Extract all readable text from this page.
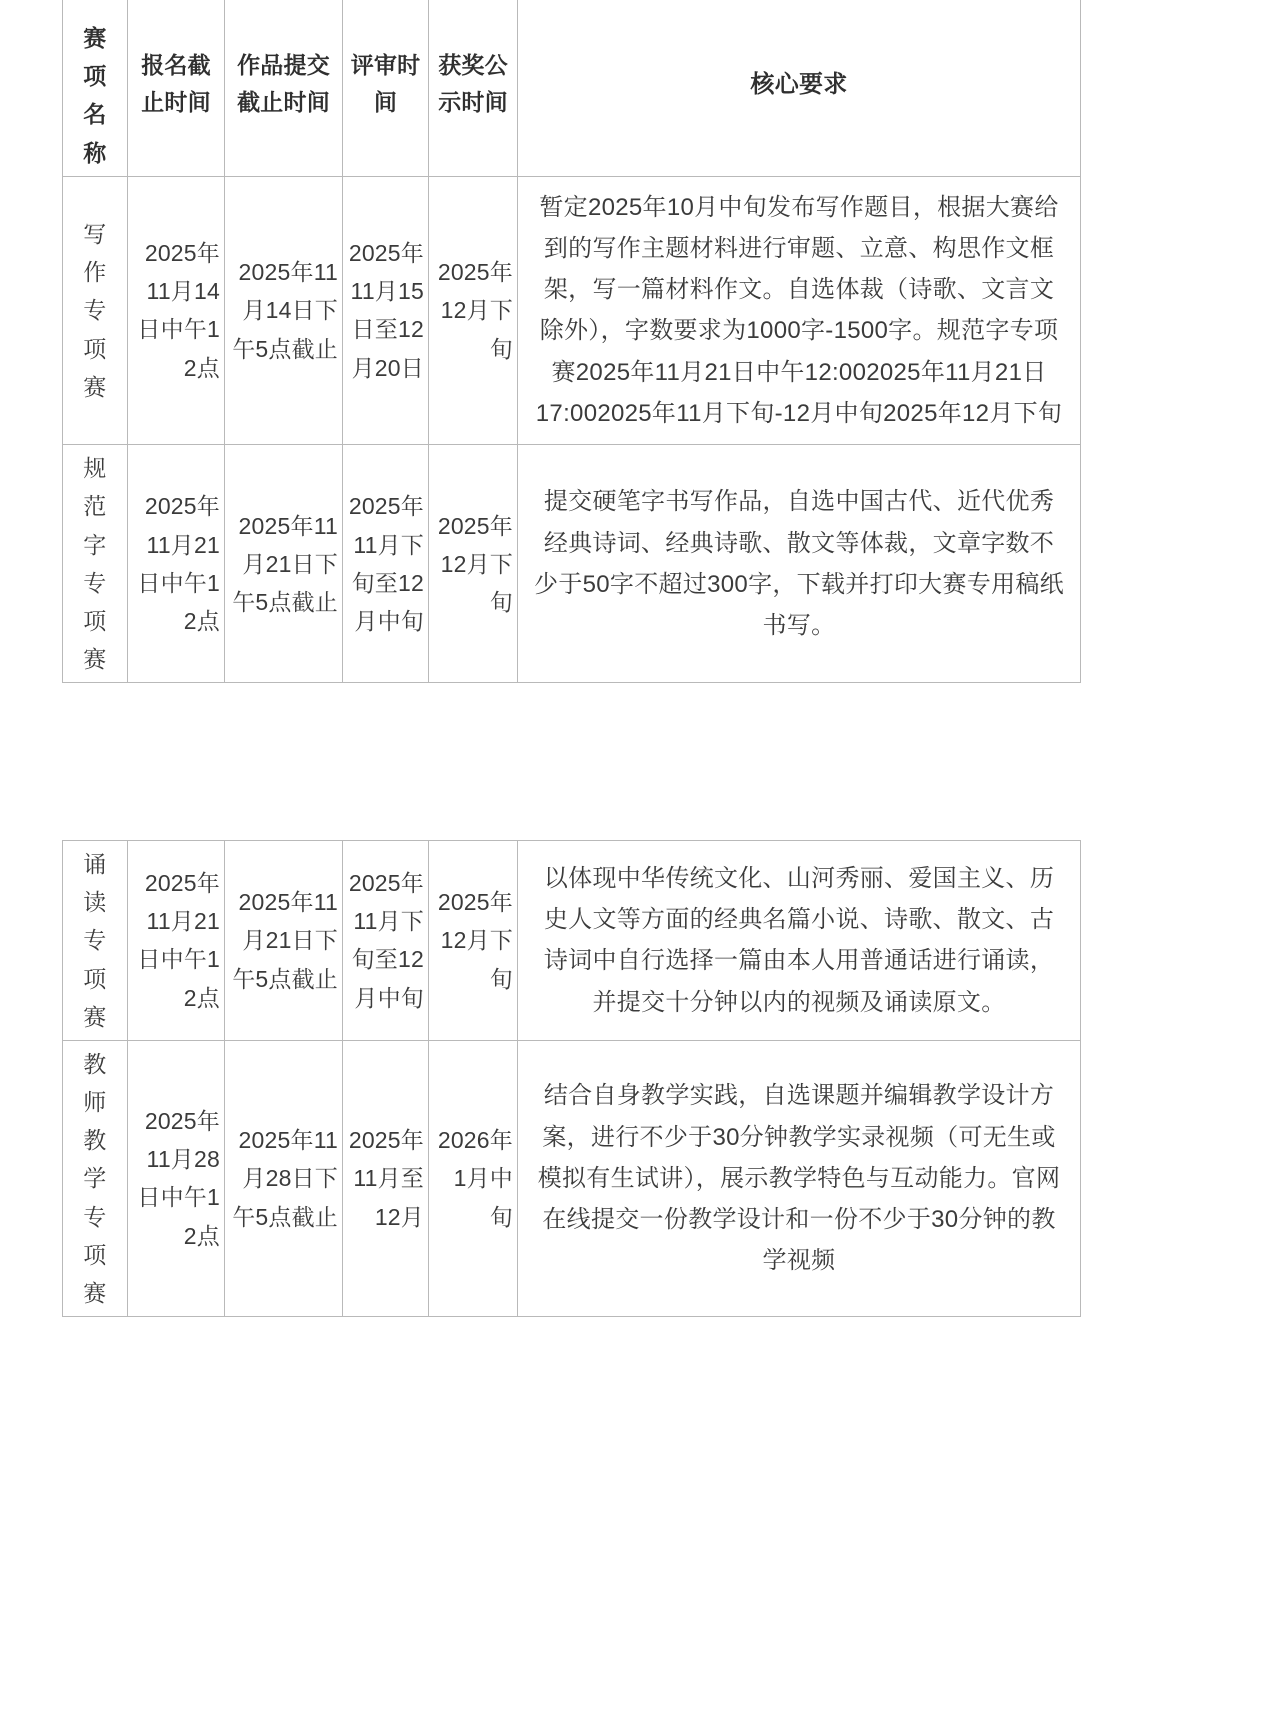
赛项名称	报名截止时间	作品提交截止时间	评审时间	获奖公示时间	核心要求

写作专项赛	2025年11月14日中午12点	2025年11月14日下午5点截止	2025年11月15日至12月20日	2025年12月下旬	暂定2025年10月中旬发布写作题目，根据大赛给到的写作主题材料进行审题、立意、构思作文框架，写一篇材料作文。自选体裁（诗歌、文言文除外），字数要求为1000字-1500字。规范字专项赛2025年11月21日中午12:002025年11月21日17:002025年11月下旬-12月中旬2025年12月下旬

规范字专项赛	2025年11月21日中午12点	2025年11月21日下午5点截止	2025年11月下旬至12月中旬	2025年12月下旬	提交硬笔字书写作品，自选中国古代、近代优秀经典诗词、经典诗歌、散文等体裁，文章字数不少于50字不超过300字，下载并打印大赛专用稿纸书写。
诵读专项赛	2025年11月21日中午12点	2025年11月21日下午5点截止	2025年11月下旬至12月中旬	2025年12月下旬	以体现中华传统文化、山河秀丽、爱国主义、历史人文等方面的经典名篇小说、诗歌、散文、古诗词中自行选择一篇由本人用普通话进行诵读，并提交十分钟以内的视频及诵读原文。

教师教学专项赛	2025年11月28日中午12点	2025年11月28日下午5点截止	2025年11月至12月	2026年1月中旬	结合自身教学实践，自选课题并编辑教学设计方案，进行不少于30分钟教学实录视频（可无生或模拟有生试讲），展示教学特色与互动能力。官网在线提交一份教学设计和一份不少于30分钟的教学视频
